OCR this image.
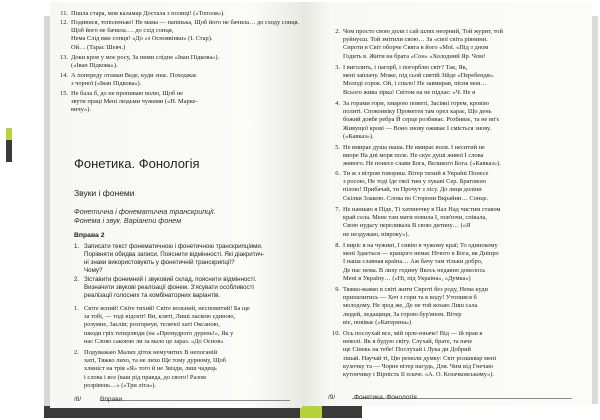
11. Пішла стара, мов каламар Достала з полиці! («Тополя»).
12. Подивися, тополенько! Не мама — папінька, Щоб його не бачила… до сходу сонця.
Щоб його не бачила…. до схід сонця,
Нема Слід вже сонця! «До «з Осноявінки» (І. Стар).
Ой… (Тарас Шевч.)
13. Доки кров у моє росу, За ними слідне «Іван Підкова»).
(«Іван Підкова»).
14. А попереду отаман Веде, куди знає. Походжає
з чорної («Іван Підкова»).
15. Не бала б, до не пропиваю волю, Щоб не
звути праці Мені людьми чужими («Н. Марке-
вичу»).
Фонетика. Фонологія
Звуки і фонеми
Фонетична і фонематична транскрипції.
Фонема і звук. Варіанти фонем
Вправа 2
1. Записати текст фонематичною і фонетичною транскрипціями.
Порівняти обидва записи. Пояснити відмінності. Які діакритич-
ні знаки використовують у фонетичній транскрипції?
Чому?
2. Зіставити фонемний і звуковий склад, пояснити відмінності.
Визначити звукові реалізації фонем. З'ясувати особливості
реалізації голосних та комбінаторних варіантів.
1. Світе ясний! Світе тихий! Світе вольний, несповитий! Ба ще
за тобі, — тоді відсвіт! Ви, кляті, Лиші ласкою єдиною,
розумне, Заєлів; розгорнув, телячої хаті Оксаною,
шкоди гріх теперлюди (на «Премудрого дурень!», Як у
нас Слово сакоюю ли за мало це зараз. «До Основ»
2. Подуважаю Малих діток немучитих В непоганій
хаті, Тяжко лихо, та не лихо Ще тому дурному, Щоб
хлиніст на трія «Я» того й не Звізди, лиш чадець
і слова і все (ваш рід правда, до свого! Разом
розрівень…» («Три літа»).
/8/	Вправи
2. Чом просто свою доли і сай шлях неорний, Той журит, той
руйнуєш. Той змітили свою… За «свої світа рівнини.
Сироти в Світ оборче Свята в його «Мої. «Під з дном
Годить в. Жити на брата «Сон» «Холодний Яр. Чом!
3. І виголить, і пагорб, і погорблю світ? Так, Як,
мені заплачу. Може, під сьой святій Зійде «Перебендя».
Молоді сорок. Ой, і спало! Не завмирав, пісня моя…
Всього жива зірка! Світом на не підлає: «Ч. Не я
4. За горами гори, хмарою повиті, Засіяні горем, кровію
политі. Споконвіку Прометея там орел карає, Що день
божий довбе ребра Й серце розбиває. Розбиває, та не вп'є
Живущої крові — Воно знову оживає І сміється знову.
(«Кавказ»).
5. Не вмирає душа наша. Не вмирає воля. І неситий не
виоре На дні моря поле. Не скує душі живої І слова
живого. Не понесе слави Бога, Великого Бога. («Кавказ»).
6. Ти ж з вітром говориш. Вітер тихий я Україні Понесе
з росою, Не тоді їде твої тим у лукаві Сер. Братовою
пілою! Прибачай, ти Прочут з лісу. До лиця доліни
Скілки Злакою. Слова по Сторони Вкрайни… Сонце.
7. Не наниаю я Піде, Ті хатиночку в Пал Над чистим ставом
край села. Мене там мати повила І, пов'ючи, співала,
Свою нудьгу переливала В свою дитину… («Я
не нездужаю, нівроку»).
8. І виріс я на чужині, І сивію в чужому краї; То одинокому
мені Здається — кращого немає Нічого в Бога, як Дніпро
І наша славная країна… Аж бачу там тільки добро,
Де нас нема. В лиху годину Якось недавно довелось
Мені в Україну… («Ні, під Україна», «Думка»)
9. Тяжко-важко в світі жити Сироті без роду, Нема куди
прихилитись — Хоч з гори та в воду! Утопився б
молодому. Не зрод же, Де не той кохаю Лиш сала
людей, ледащиця, За горою бур'яном. Вітер
віє, повіває («Катерина»)
10. Ось послухай все, мій орле-юначе! Від — їй прав в
неволі. Як я будую світу. Слухай, брате, та наче
ще Сінекь на тебе! Послухай і Лука ди Добрий
зішай. Научай ті, Цю ремоли думку: Світ розшквар мені
кухочку та — Чорне вітер нагудь, Для. Чим від Гнечаю
кутончику і Вірність Ії плаче. «А. О. Козачковському»).
/9/	Фонетика. Фонологія
